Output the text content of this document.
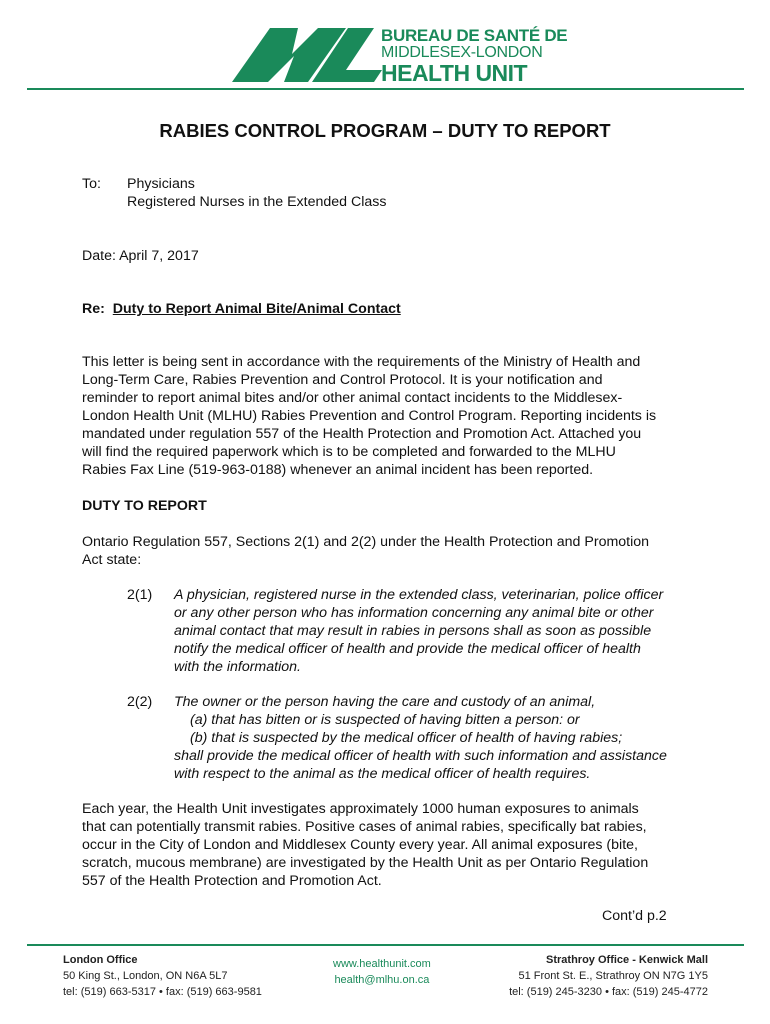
BUREAU DE SANTÉ DE
MIDDLESEX-LONDON
HEALTH UNIT
RABIES CONTROL PROGRAM – DUTY TO REPORT
To: Physicians
Registered Nurses in the Extended Class
Date: April 7, 2017
Re: Duty to Report Animal Bite/Animal Contact
This letter is being sent in accordance with the requirements of the Ministry of Health and
Long-Term Care, Rabies Prevention and Control Protocol. It is your notification and
reminder to report animal bites and/or other animal contact incidents to the Middlesex-
London Health Unit (MLHU) Rabies Prevention and Control Program. Reporting incidents is
mandated under regulation 557 of the Health Protection and Promotion Act. Attached you
will find the required paperwork which is to be completed and forwarded to the MLHU
Rabies Fax Line (519-963-0188) whenever an animal incident has been reported.
DUTY TO REPORT
Ontario Regulation 557, Sections 2(1) and 2(2) under the Health Protection and Promotion
Act state:
2(1) A physician, registered nurse in the extended class, veterinarian, police officer
or any other person who has information concerning any animal bite or other
animal contact that may result in rabies in persons shall as soon as possible
notify the medical officer of health and provide the medical officer of health
with the information.
2(2) The owner or the person having the care and custody of an animal,
(a) that has bitten or is suspected of having bitten a person: or
(b) that is suspected by the medical officer of health of having rabies;
shall provide the medical officer of health with such information and assistance
with respect to the animal as the medical officer of health requires.
Each year, the Health Unit investigates approximately 1000 human exposures to animals
that can potentially transmit rabies. Positive cases of animal rabies, specifically bat rabies,
occur in the City of London and Middlesex County every year. All animal exposures (bite,
scratch, mucous membrane) are investigated by the Health Unit as per Ontario Regulation
557 of the Health Protection and Promotion Act.
Cont’d p.2
London Office
50 King St., London, ON N6A 5L7
tel: (519) 663-5317 • fax: (519) 663-9581
www.healthunit.com
health@mlhu.on.ca
Strathroy Office - Kenwick Mall
51 Front St. E., Strathroy ON N7G 1Y5
tel: (519) 245-3230 • fax: (519) 245-4772
